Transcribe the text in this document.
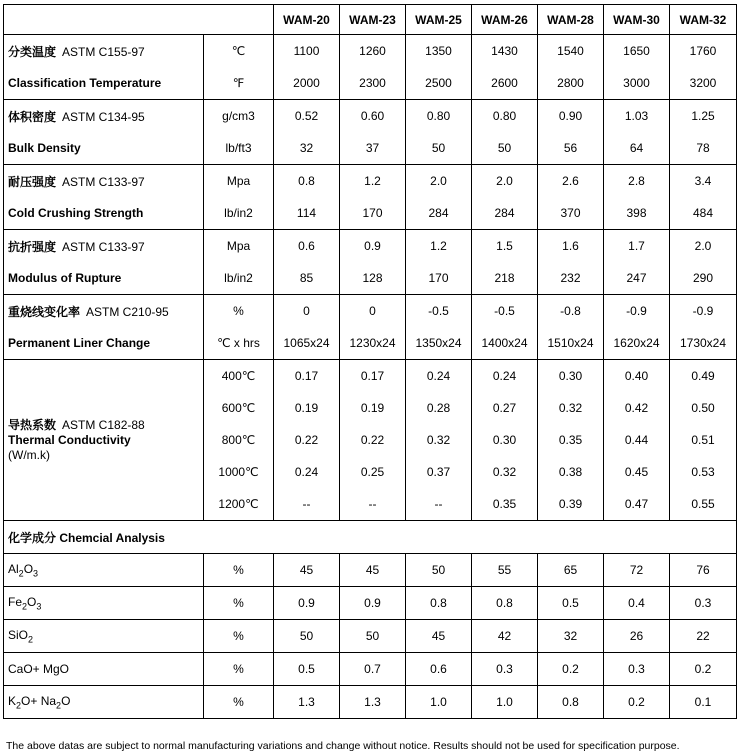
		WAM-20	WAM-23	WAM-25	WAM-26	WAM-28	WAM-30	WAM-32
分类温度 ASTM C155-97	℃	1100	1260	1350	1430	1540	1650	1760
Classification Temperature	℉	2000	2300	2500	2600	2800	3000	3200
体积密度 ASTM C134-95	g/cm3	0.52	0.60	0.80	0.80	0.90	1.03	1.25
Bulk Density	lb/ft3	32	37	50	50	56	64	78
耐压强度 ASTM C133-97	Mpa	0.8	1.2	2.0	2.0	2.6	2.8	3.4
Cold Crushing Strength	lb/in2	114	170	284	284	370	398	484
抗折强度 ASTM C133-97	Mpa	0.6	0.9	1.2	1.5	1.6	1.7	2.0
Modulus of Rupture	lb/in2	85	128	170	218	232	247	290
重烧线变化率 ASTM C210-95	%	0	0	-0.5	-0.5	-0.8	-0.9	-0.9
Permanent Liner Change	℃ x hrs	1065x24	1230x24	1350x24	1400x24	1510x24	1620x24	1730x24

导热系数 ASTM C182-88
Thermal Conductivity
(W/m.k)	400℃	0.17	0.17	0.24	0.24	0.30	0.40	0.49
	600℃	0.19	0.19	0.28	0.27	0.32	0.42	0.50
	800℃	0.22	0.22	0.32	0.30	0.35	0.44	0.51
	1000℃	0.24	0.25	0.37	0.32	0.38	0.45	0.53
	1200℃	--	--	--	0.35	0.39	0.47	0.55
化学成分 Chemcial Analysis								
$Al_2O_3$	%	45	45	50	55	65	72	76
$Fe_2O_3$	%	0.9	0.9	0.8	0.8	0.5	0.4	0.3
SiO$_2$	%	50	50	45	42	32	26	22
CaO+ MgO	%	0.5	0.7	0.6	0.3	0.2	0.3	0.2
$K_2O+ Na_2O$	%	1.3	1.3	1.0	1.0	0.8	0.2	0.1
The above datas are subject to normal manufacturing variations and change without notice. Results should not be used for specification purpose.
